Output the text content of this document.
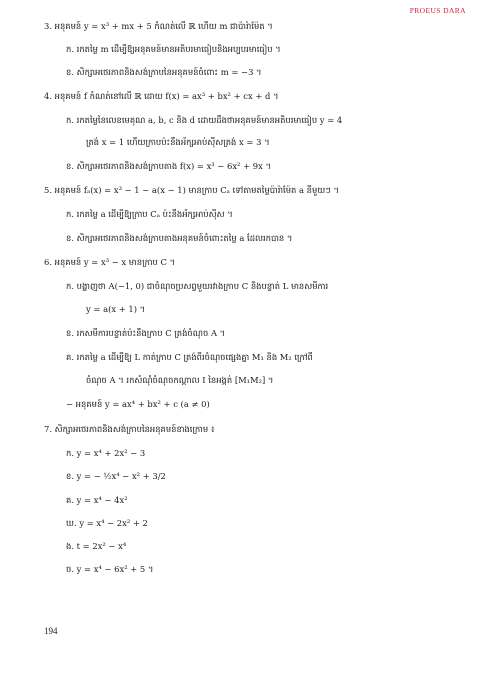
PROEUS DARA
3. អនុគមន៍ y = x³ + mx + 5 កំណត់លើ ℝ ហើយ m ជាប៉ារ៉ាម៉ែត ។
ក. រកតម្លៃ m ដើម្បីឱ្យអនុគមន៍មានអតិបរមាធៀបនិងអប្បបរមាធៀប ។
ខ. សិក្សាអថេរភាពនិងសង់ក្រាបនៃអនុគមន៍ចំពោះ m = −3 ។
4. អនុគមន៍ f កំណត់នៅលើ ℝ ដោយ f(x) = ax³ + bx² + cx + d ។
ក. រកតម្លៃនៃលេខមេគុណ a, b, c និង d ដោយដឹងថាអនុគមន៍មានអតិបរមាធៀប y = 4
ត្រង់ x = 1 ហើយក្រាបប៉ះនឹងអ័ក្សអាប់ស៊ីសត្រង់ x = 3 ។
ខ. សិក្សាអថេរភាពនិងសង់ក្រាបតាង f(x) = x³ − 6x² + 9x ។
5. អនុគមន៍ fₐ(x) = x³ − 1 − a(x − 1) មានក្រាប Cₐ ទៅតាមតម្លៃប៉ារ៉ាម៉ែត a នីមួយៗ ។
ក. រកតម្លៃ a ដើម្បីឱ្យក្រាប Cₐ ប៉ះនឹងអ័ក្សអាប់ស៊ីស ។
ខ. សិក្សាអថេរភាពនិងសង់ក្រាបតាងអនុគមន៍ចំពោះតម្លៃ a ដែលរកបាន ។
6. អនុគមន៍ y = x³ − x មានក្រាប C ។
ក. បង្ហាញថា A(−1, 0) ជាចំណុចប្រសព្វមួយរវាងក្រាប C និងបន្ទាត់ L មានសមីការ
y = a(x + 1) ។
ខ. រកសមីការបន្ទាត់ប៉ះនឹងក្រាប C ត្រង់ចំណុច A ។
គ. រកតម្លៃ a ដើម្បីឱ្យ L កាត់ក្រាប C ត្រង់ពីរចំណុចផ្សេងគ្នា M₁ និង M₂ ក្រៅពី
ចំណុច A ។ រកសំណុំចំណុចកណ្ដាល I នៃអង្កត់ [M₁M₂] ។
− អនុគមន៍ y = ax⁴ + bx² + c (a ≠ 0)
7. សិក្សាអថេរភាពនិងសង់ក្រាបនៃអនុគមន៍ខាងក្រោម ៖
ក. y = x⁴ + 2x² − 3
ខ. y = − ½x⁴ − x² + 3/2
គ. y = x⁴ − 4x²
ឃ. y = x⁴ − 2x² + 2
ង. t = 2x² − x⁴
ច. y = x⁴ − 6x² + 5 ។
194
